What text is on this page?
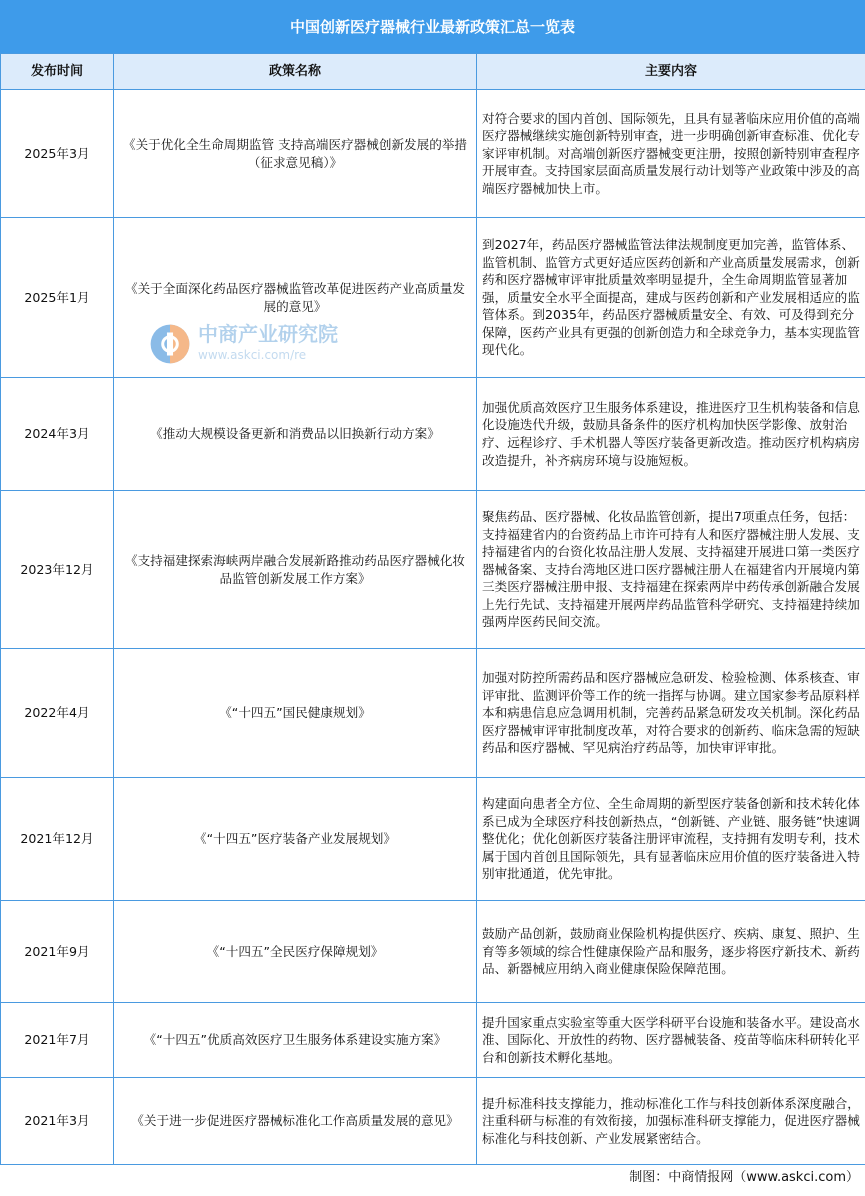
中国创新医疗器械行业最新政策汇总一览表
发布时间	政策名称	主要内容
2025年3月	《关于优化全生命周期监管 支持高端医疗器械创新发展的举措（征求意见稿）》	对符合要求的国内首创、国际领先，且具有显著临床应用价值的高端医疗器械继续实施创新特别审查，进一步明确创新审查标准、优化专家评审机制。对高端创新医疗器械变更注册，按照创新特别审查程序开展审查。支持国家层面高质量发展行动计划等产业政策中涉及的高端医疗器械加快上市。
2025年1月	《关于全面深化药品医疗器械监管改革促进医药产业高质量发展的意见》	到2027年，药品医疗器械监管法律法规制度更加完善，监管体系、监管机制、监管方式更好适应医药创新和产业高质量发展需求，创新药和医疗器械审评审批质量效率明显提升，全生命周期监管显著加强，质量安全水平全面提高，建成与医药创新和产业发展相适应的监管体系。到2035年，药品医疗器械质量安全、有效、可及得到充分保障，医药产业具有更强的创新创造力和全球竞争力，基本实现监管现代化。
2024年3月	《推动大规模设备更新和消费品以旧换新行动方案》	加强优质高效医疗卫生服务体系建设，推进医疗卫生机构装备和信息化设施迭代升级，鼓励具备条件的医疗机构加快医学影像、放射治疗、远程诊疗、手术机器人等医疗装备更新改造。推动医疗机构病房改造提升，补齐病房环境与设施短板。
2023年12月	《支持福建探索海峡两岸融合发展新路推动药品医疗器械化妆品监管创新发展工作方案》	聚焦药品、医疗器械、化妆品监管创新，提出7项重点任务，包括：支持福建省内的台资药品上市许可持有人和医疗器械注册人发展、支持福建省内的台资化妆品注册人发展、支持福建开展进口第一类医疗器械备案、支持台湾地区进口医疗器械注册人在福建省内开展境内第三类医疗器械注册申报、支持福建在探索两岸中药传承创新融合发展上先行先试、支持福建开展两岸药品监管科学研究、支持福建持续加强两岸医药民间交流。
2022年4月	《“十四五”国民健康规划》	加强对防控所需药品和医疗器械应急研发、检验检测、体系核查、审评审批、监测评价等工作的统一指挥与协调。建立国家参考品原料样本和病患信息应急调用机制，完善药品紧急研发攻关机制。深化药品医疗器械审评审批制度改革，对符合要求的创新药、临床急需的短缺药品和医疗器械、罕见病治疗药品等，加快审评审批。
2021年12月	《“十四五”医疗装备产业发展规划》	构建面向患者全方位、全生命周期的新型医疗装备创新和技术转化体系已成为全球医疗科技创新热点，“创新链、产业链、服务链”快速调整优化；优化创新医疗装备注册评审流程，支持拥有发明专利，技术属于国内首创且国际领先，具有显著临床应用价值的医疗装备进入特别审批通道，优先审批。
2021年9月	《“十四五”全民医疗保障规划》	鼓励产品创新，鼓励商业保险机构提供医疗、疾病、康复、照护、生育等多领域的综合性健康保险产品和服务，逐步将医疗新技术、新药品、新器械应用纳入商业健康保险保障范围。
2021年7月	《“十四五”优质高效医疗卫生服务体系建设实施方案》	提升国家重点实验室等重大医学科研平台设施和装备水平。建设高水准、国际化、开放性的药物、医疗器械装备、疫苗等临床科研转化平台和创新技术孵化基地。
2021年3月	《关于进一步促进医疗器械标准化工作高质量发展的意见》	提升标准科技支撑能力，推动标准化工作与科技创新体系深度融合，注重科研与标准的有效衔接，加强标准科研支撑能力，促进医疗器械标准化与科技创新、产业发展紧密结合。
中商产业研究院
www.askci.com/re
制图：中商情报网（www.askci.com）
